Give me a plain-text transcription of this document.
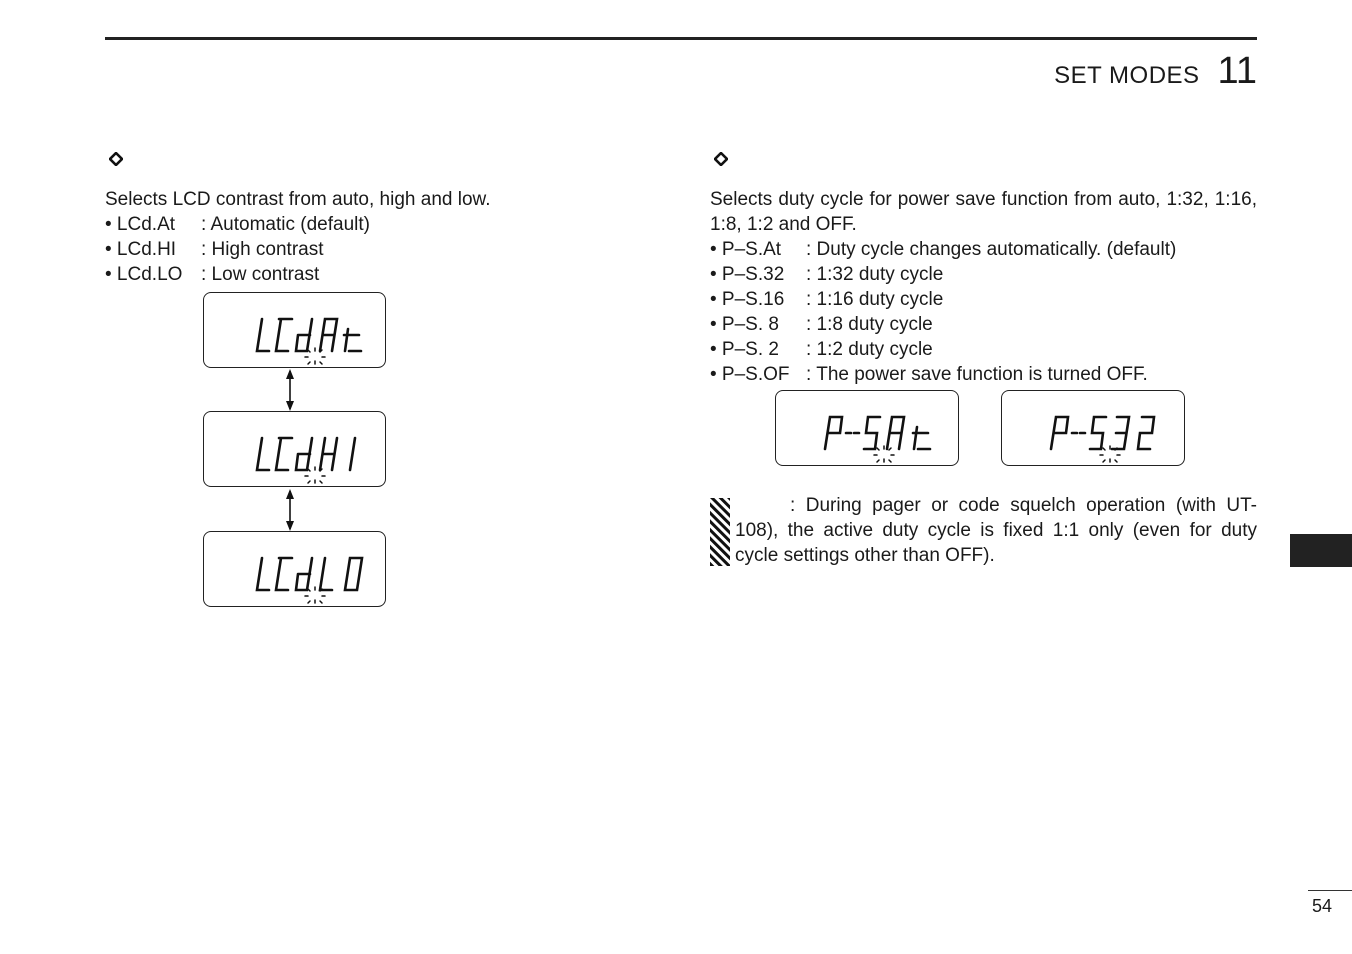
SET MODES 11
Selects LCD contrast from auto, high and low.
• LCd.At	: Automatic (default)
• LCd.HI	: High contrast
• LCd.LO : Low contrast
Selects duty cycle for power save function from auto, 1:32, 1:16, 1:8, 1:2 and OFF.
• P–S.At	: Duty cycle changes automatically. (default)
• P–S.32	: 1:32 duty cycle
• P–S.16	: 1:16 duty cycle
• P–S. 8	: 1:8 duty cycle
• P–S. 2	: 1:2 duty cycle
• P–S.OF : The power save function is turned OFF.
: During pager or code squelch operation (with UT-108), the active duty cycle is fixed 1:1 only (even for duty cycle settings other than OFF).
54
